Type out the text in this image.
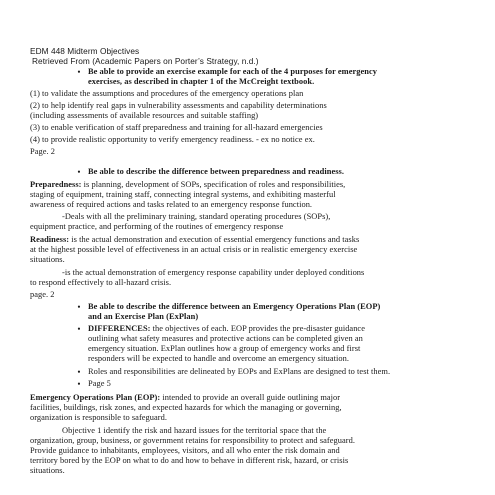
EDM 448 Midterm Objectives
Retrieved From (Academic Papers on Porter’s Strategy, n.d.)
• Be able to provide an exercise example for each of the 4 purposes for emergency
exercises, as described in chapter 1 of the McCreight textbook.
(1) to validate the assumptions and procedures of the emergency operations plan
(2) to help identify real gaps in vulnerability assessments and capability determinations
(including assessments of available resources and suitable staffing)
(3) to enable verification of staff preparedness and training for all-hazard emergencies
(4) to provide realistic opportunity to verify emergency readiness. - ex no notice ex.
Page. 2
• Be able to describe the difference between preparedness and readiness.
Preparedness: is planning, development of SOPs, specification of roles and responsibilities,
staging of equipment, training staff, connecting integral systems, and exhibiting masterful
awareness of required actions and tasks related to an emergency response function.
-Deals with all the preliminary training, standard operating procedures (SOPs),
equipment practice, and performing of the routines of emergency response
Readiness: is the actual demonstration and execution of essential emergency functions and tasks
at the highest possible level of effectiveness in an actual crisis or in realistic emergency exercise
situations.
-is the actual demonstration of emergency response capability under deployed conditions
to respond effectively to all-hazard crisis.
page. 2
• Be able to describe the difference between an Emergency Operations Plan (EOP)
and an Exercise Plan (ExPlan)
• DIFFERENCES: the objectives of each. EOP provides the pre-disaster guidance
outlining what safety measures and protective actions can be completed given an
emergency situation. ExPlan outlines how a group of emergency works and first
responders will be expected to handle and overcome an emergency situation.
• Roles and responsibilities are delineated by EOPs and ExPlans are designed to test them.
• Page 5
Emergency Operations Plan (EOP): intended to provide an overall guide outlining major
facilities, buildings, risk zones, and expected hazards for which the managing or governing,
organization is responsible to safeguard.
Objective 1 identify the risk and hazard issues for the territorial space that the
organization, group, business, or government retains for responsibility to protect and safeguard.
Provide guidance to inhabitants, employees, visitors, and all who enter the risk domain and
territory bored by the EOP on what to do and how to behave in different risk, hazard, or crisis
situations.
